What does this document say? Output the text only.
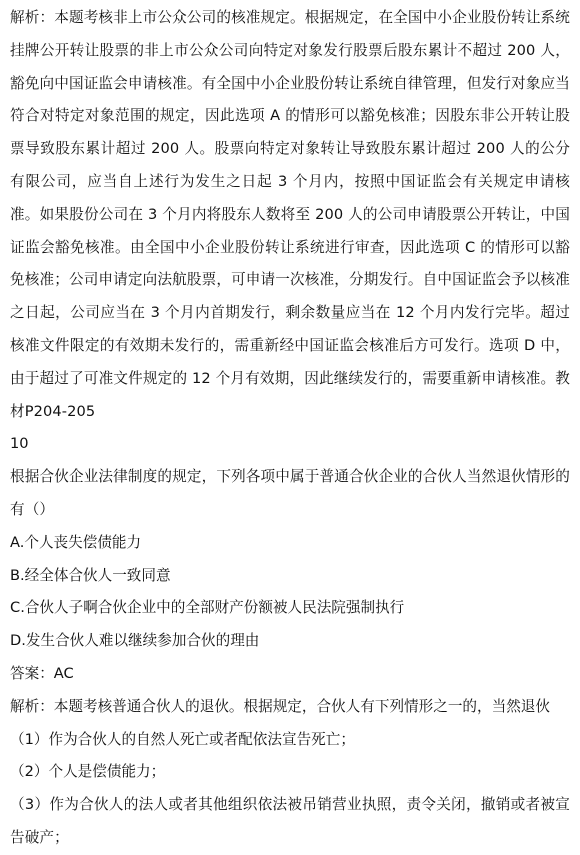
解析：本题考核非上市公众公司的核准规定。根据规定，在全国中小企业股份转让系统挂牌公开转让股票的非上市公众公司向特定对象发行股票后股东累计不超过 200 人，豁免向中国证监会申请核准。有全国中小企业股份转让系统自律管理，但发行对象应当符合对特定对象范围的规定，因此选项 A 的情形可以豁免核准；因股东非公开转让股票导致股东累计超过 200 人。股票向特定对象转让导致股东累计超过 200 人的公分有限公司，应当自上述行为发生之日起 3 个月内，按照中国证监会有关规定申请核准。如果股份公司在 3 个月内将股东人数将至 200 人的公司申请股票公开转让，中国证监会豁免核准。由全国中小企业股份转让系统进行审查，因此选项 C 的情形可以豁免核准；公司申请定向法航股票，可申请一次核准，分期发行。自中国证监会予以核准之日起，公司应当在 3 个月内首期发行，剩余数量应当在 12 个月内发行完毕。超过核准文件限定的有效期未发行的，需重新经中国证监会核准后方可发行。选项 D 中，由于超过了可准文件规定的 12 个月有效期，因此继续发行的，需要重新申请核准。教材P204-205

10

根据合伙企业法律制度的规定，下列各项中属于普通合伙企业的合伙人当然退伙情形的有（）

A.个人丧失偿债能力

B.经全体合伙人一致同意

C.合伙人子啊合伙企业中的全部财产份额被人民法院强制执行

D.发生合伙人难以继续参加合伙的理由

答案：AC

解析：本题考核普通合伙人的退伙。根据规定，合伙人有下列情形之一的，当然退伙

（1）作为合伙人的自然人死亡或者配依法宣告死亡；

（2）个人是偿债能力；

（3）作为合伙人的法人或者其他组织依法被吊销营业执照，责令关闭，撤销或者被宣告破产；
